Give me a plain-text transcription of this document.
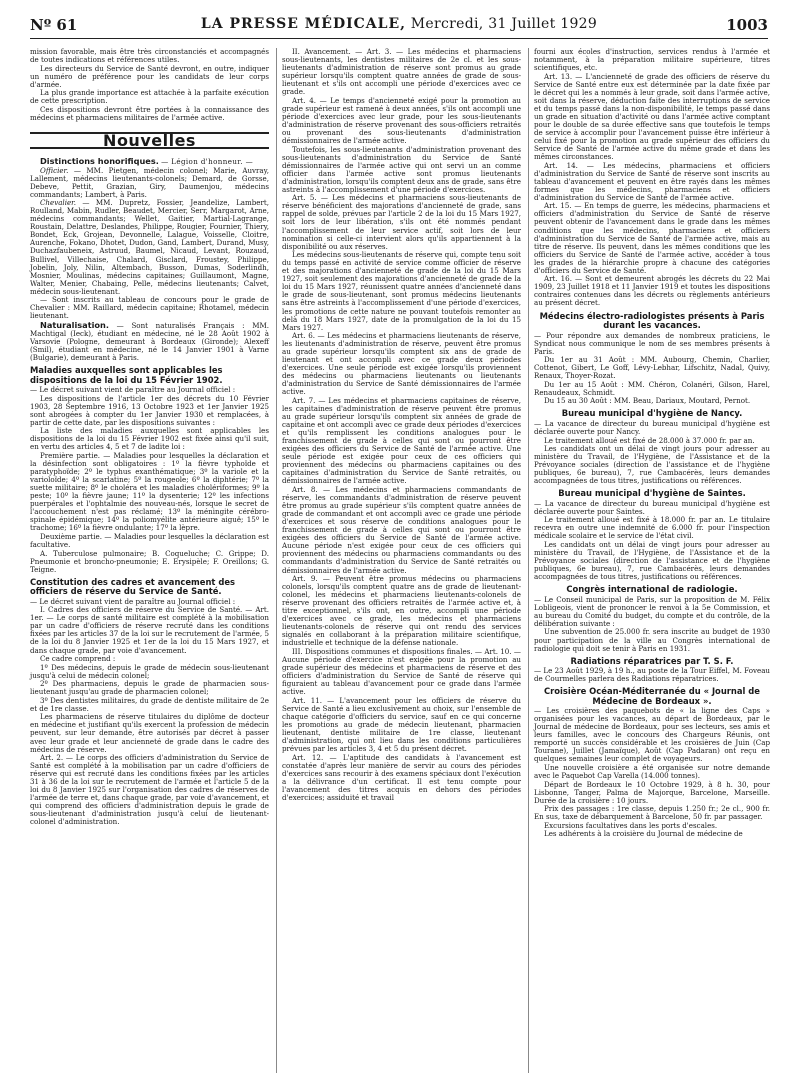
Nº 61	LA PRESSE MÉDICALE, Mercredi, 31 Juillet 1929	1003

mission favorable, mais être très circonstanciés et accompagnés de toutes indications et références utiles.

Les directeurs du Service de Santé devront, en outre, indiquer un numéro de préférence pour les candidats de leur corps d'armée.

La plus grande importance est attachée à la parfaite exécution de cette prescription.

Ces dispositions devront être portées à la connaissance des médecins et pharmaciens militaires de l'armée active.

Nouvelles

Distinctions honorifiques. — Légion d'honneur. —

Officier. — MM. Pietgen, médecin colonel; Marie, Auvray, Lallement, médecins lieutenants-colonels; Demard, de Gorsse, Debeve, Pettit, Grazian, Giry, Daumenjou, médecins commandants; Lambert, à Paris.

Chevalier. — MM. Dupretz, Fossier, Jeandelize, Lambert, Roulland, Mabin, Rudler, Beaudet, Mercier, Serr, Margarot, Arne, médecins commandants; Wellet, Gaitier, Martial-Lagrange, Roustain, Delattre, Deslandes, Philippe, Rougier, Fournier, Thiery, Bondet, Eck, Grojean, Devonnelle, Lalague, Voisselle, Cloitre, Aurenche, Fokano, Dhotet, Dudon, Gand, Lambert, Durand, Musy, Duchazfaubeneix, Astruud, Baumel, Nicaud, Levant, Rouzaud, Bullivel, Villechaise, Chalard, Gisclard, Froustey, Philippe, Jobelin, Joly, Nilin, Altembach, Busson, Dumas, Soderlindh, Mosnier, Moulinas, médecins capitaines; Guillaumont, Magne, Walter, Menier, Chabaing, Pelle, médecins lieutenants; Calvet, médecin sous-lieutenant.

— Sont inscrits au tableau de concours pour le grade de Chevalier : MM. Raillard, médecin capitaine; Rhotamel, médecin lieutenant.

Naturalisation. — Sont naturalisés Français : MM. Machtigal (Ieck), étudiant en médecine, né le 28 Août 1902 à Varsovie (Pologne, demeurant à Bordeaux (Gironde); Alexeff (Smil), étudiant en médecine, né le 14 Janvier 1901 à Varne (Bulgarie), demeurant à Paris.

Maladies auxquelles sont applicables les dispositions de la loi du 15 Février 1902.

— Le décret suivant vient de paraître au Journal officiel :

Les dispositions de l'article 1er des décrets du 10 Février 1903, 28 Septembre 1916, 13 Octobre 1923 et 1er Janvier 1925 sont abrogées à compter du 1er Janvier 1930 et remplacées, à partir de cette date, par les dispositions suivantes :

La liste des maladies auxquelles sont applicables les dispositions de la loi du 15 Février 1902 est fixée ainsi qu'il suit, en vertu des articles 4, 5 et 7 de ladite loi :

Première partie. — Maladies pour lesquelles la déclaration et la désinfection sont obligatoires : 1º la fièvre typhoïde et paratyphoïde; 2º le typhus exanthématique; 3º la variole et la varioloïde; 4º la scarlatine; 5º la rougeole; 6º la diphtérie; 7º la suette militaire; 8º le choléra et les maladies cholériformes; 9º la peste; 10º la fièvre jaune; 11º la dysenterie; 12º les infections puerpérales et l'ophtalmie des nouveau-nés, lorsque le secret de l'accouchement n'est pas réclamé; 13º la méningite cérébro-spinale épidémique; 14º la poliomyélite antérieure aiguë; 15º le trachome; 16º la fièvre ondulante; 17º la lèpre.

Deuxième partie. — Maladies pour lesquelles la déclaration est facultative.

A. Tuberculose pulmonaire; B. Coqueluche; C. Grippe; D. Pneumonie et broncho-pneumonie; E. Erysipèle; F. Oreillons; G. Teigne.

Constitution des cadres et avancement des officiers de réserve du Service de Santé.

— Le décret suivant vient de paraître au Journal officiel :

I. Cadres des officiers de réserve du Service de Santé. — Art. 1er. — Le corps de santé militaire est complété à la mobilisation par un cadre d'officiers de réserve recruté dans les conditions fixées par les articles 37 de la loi sur le recrutement de l'armée, 5 de la loi du 8 Janvier 1925 et 1er de la loi du 15 Mars 1927, et dans chaque grade, par voie d'avancement.

Ce cadre comprend :

1º Des médecins, depuis le grade de médecin sous-lieutenant jusqu'à celui de médecin colonel;

2º Des pharmaciens, depuis le grade de pharmacien sous-lieutenant jusqu'au grade de pharmacien colonel;

3º Des dentistes militaires, du grade de dentiste militaire de 2e et de 1re classe.

Les pharmaciens de réserve titulaires du diplôme de docteur en médecine et justifiant qu'ils exercent la profession de médecin peuvent, sur leur demande, être autorisés par décret à passer avec leur grade et leur ancienneté de grade dans le cadre des médecins de réserve.

Art. 2. — Le corps des officiers d'administration du Service de Santé est complété à la mobilisation par un cadre d'officiers de réserve qui est recruté dans les conditions fixées par les articles 31 à 36 de la loi sur le recrutement de l'armée et l'article 5 de la loi du 8 Janvier 1925 sur l'organisation des cadres de réserves de l'armée de terre et, dans chaque grade, par voie d'avancement, et qui comprend des officiers d'administration depuis le grade de sous-lieutenant d'administration jusqu'à celui de lieutenant-colonel d'administration.

II. Avancement. — Art. 3. — Les médecins et pharmaciens sous-lieutenants, les dentistes militaires de 2e cl. et les sous-lieutenants d'administration de réserve sont promus au grade supérieur lorsqu'ils comptent quatre années de grade de sous-lieutenant et s'ils ont accompli une période d'exercices avec ce grade.

Art. 4. — Le temps d'ancienneté exigé pour la promotion au grade supérieur est ramené à deux années, s'ils ont accompli une période d'exercices avec leur grade, pour les sous-lieutenants d'administration de réserve provenant des sous-officiers retraités ou provenant des sous-lieutenants d'administration démissionnaires de l'armée active.

Toutefois, les sous-lieutenants d'administration provenant des sous-lieutenants d'administration du Service de Santé démissionnaires de l'armée active qui ont servi un an comme officier dans l'armée active sont promus lieutenants d'administration, lorsqu'ils comptent deux ans de grade, sans être astreints à l'accomplissement d'une période d'exercices.

Art. 5. — Les médecins et pharmaciens sous-lieutenants de réserve bénéficient des majorations d'ancienneté de grade, sans rappel de solde, prévues par l'article 2 de la loi du 15 Mars 1927, soit lors de leur libération, s'ils ont été nommés pendant l'accomplissement de leur service actif, soit lors de leur nomination si celle-ci intervient alors qu'ils appartiennent à la disponibilité ou aux réserves.

Les médecins sous-lieutenants de réserve qui, compte tenu soit du temps passé en activité de service comme officier de réserve et des majorations d'ancienneté de grade de la loi du 15 Mars 1927, soit seulement des majorations d'ancienneté de grade de la loi du 15 Mars 1927, réunissent quatre années d'ancienneté dans le grade de sous-lieutenant, sont promus médecins lieutenants sans être astreints à l'accomplissement d'une période d'exercices, les promotions de cette nature ne pouvant toutefois remonter au delà du 18 Mars 1927, date de la promulgation de la loi du 15 Mars 1927.

Art. 6. — Les médecins et pharmaciens lieutenants de réserve, les lieutenants d'administration de réserve, peuvent être promus au grade supérieur lorsqu'ils comptent six ans de grade de lieutenant et ont accompli avec ce grade deux périodes d'exercices. Une seule période est exigée lorsqu'ils proviennent des médecins ou pharmaciens lieutenants ou lieutenants d'administration du Service de Santé démissionnaires de l'armée active.

Art. 7. — Les médecins et pharmaciens capitaines de réserve, les capitaines d'administration de réserve peuvent être promus au grade supérieur lorsqu'ils comptent six années de grade de capitaine et ont accompli avec ce grade deux périodes d'exercices et qu'ils remplissent les conditions analogues pour le franchissement de grade à celles qui sont ou pourront être exigées des officiers du Service de Santé de l'armée active. Une seule période est exigée pour ceux de ces officiers qui proviennent des médecins ou pharmaciens capitaines ou des capitaines d'administration du Service de Santé retraités, ou démissionnaires de l'armée active.

Art. 8. — Les médecins et pharmaciens commandants de réserve, les commandants d'administration de réserve peuvent être promus au grade supérieur s'ils comptent quatre années de grade de commandant et ont accompli avec ce grade une période d'exercices et sous réserve de conditions analogues pour le franchissement de grade à celles qui sont ou pourront être exigées des officiers du Service de Santé de l'armée active. Aucune période n'est exigée pour ceux de ces officiers qui proviennent des médecins ou pharmaciens commandants ou des commandants d'administration du Service de Santé retraités ou démissionnaires de l'armée active.

Art. 9. — Peuvent être promus médecins ou pharmaciens colonels, lorsqu'ils comptent quatre ans de grade de lieutenant-colonel, les médecins et pharmaciens lieutenants-colonels de réserve provenant des officiers retraités de l'armée active et, à titre exceptionnel, s'ils ont, en outre, accompli une période d'exercices avec ce grade, les médecins et pharmaciens lieutenants-colonels de réserve qui ont rendu des services signalés en collaborant à la préparation militaire scientifique, industrielle et technique de la défense nationale.

III. Dispositions communes et dispositions finales. — Art. 10. — Aucune période d'exercice n'est exigée pour la promotion au grade supérieur des médecins et pharmaciens de réserve et des officiers d'administration du Service de Santé de réserve qui figuraient au tableau d'avancement pour ce grade dans l'armée active.

Art. 11. — L'avancement pour les officiers de réserve du Service de Santé a lieu exclusivement au choix, sur l'ensemble de chaque catégorie d'officiers du service, sauf en ce qui concerne les promotions au grade de médecin lieutenant, pharmacien lieutenant, dentiste militaire de 1re classe, lieutenant d'administration, qui ont lieu dans les conditions particulières prévues par les articles 3, 4 et 5 du présent décret.

Art. 12. — L'aptitude des candidats à l'avancement est constatée d'après leur manière de servir au cours des périodes d'exercices sans recourir à des examens spéciaux dont l'exécution a la délivrance d'un certificat. Il est tenu compte pour l'avancement des titres acquis en dehors des périodes d'exercices; assiduité et travail

fourni aux écoles d'instruction, services rendus à l'armée et notamment, à la préparation militaire supérieure, titres scientifiques, etc.

Art. 13. — L'ancienneté de grade des officiers de réserve du Service de Santé entre eux est déterminée par la date fixée par le décret qui les a nommés à leur grade, soit dans l'armée active, soit dans la réserve, déduction faite des interruptions de service et du temps passé dans la non-disponibilité, le temps passé dans un grade en situation d'activité ou dans l'armée active comptant pour le double de sa durée effective sans que toutefois le temps de service à accomplir pour l'avancement puisse être inférieur à celui fixé pour la promotion au grade supérieur des officiers du Service de Santé de l'armée active du même grade et dans les mêmes circonstances.

Art. 14. — Les médecins, pharmaciens et officiers d'administration du Service de Santé de réserve sont inscrits au tableau d'avancement et peuvent en être rayés dans les mêmes formes que les médecins, pharmaciens et officiers d'administration du Service de Santé de l'armée active.

Art. 15. — En temps de guerre, les médecins, pharmaciens et officiers d'administration du Service de Santé de réserve peuvent obtenir de l'avancement dans le grade dans les mêmes conditions que les médecins, pharmaciens et officiers d'administration du Service de Santé de l'armée active, mais au titre de réserve. Ils peuvent, dans les mêmes conditions que les officiers du Service de Santé de l'armée active, accéder à tous les grades de la hiérarchie propre à chacune des catégories d'officiers du Service de Santé.

Art. 16. — Sont et demeurent abrogés les décrets du 22 Mai 1909, 23 Juillet 1918 et 11 Janvier 1919 et toutes les dispositions contraires contenues dans les décrets ou règlements antérieurs au présent décret.

Médecins électro-radiologistes présents à Paris durant les vacances.

— Pour répondre aux demandes de nombreux praticiens, le Syndicat nous communique le nom de ses membres présents à Paris.

Du 1er au 31 Août : MM. Aubourg, Chemin, Charlier, Cottenot, Gibert, Le Goff, Lévy-Lebhar, Lifschitz, Nadal, Quivy, Renaux, Thoyer-Rozat.

Du 1er au 15 Août : MM. Chéron, Colanéri, Gilson, Harel, Renaudeaux, Schmidt.

Du 15 au 30 Août : MM. Beau, Dariaux, Moutard, Pernot.

Bureau municipal d'hygiène de Nancy.

— La vacance de directeur du bureau municipal d'hygiène est déclarée ouverte pour Nancy.

Le traitement alloué est fixé de 28.000 à 37.000 fr. par an.

Les candidats ont un délai de vingt jours pour adresser au ministère du Travail, de l'Hygiène, de l'Assistance et de la Prévoyance sociales (direction de l'assistance et de l'hygiène publiques, 6e bureau), 7, rue Cambacérès, leurs demandes accompagnées de tous titres, justifications ou références.

Bureau municipal d'hygiène de Saintes.

— La vacance de directeur du bureau municipal d'hygiène est déclarée ouverte pour Saintes.

Le traitement alloué est fixé à 18.000 fr. par an. Le titulaire recevra en outre une indemnité de 6.000 fr. pour l'inspection médicale scolaire et le service de l'état civil.

Les candidats ont un délai de vingt jours pour adresser au ministère du Travail, de l'Hygiène, de l'Assistance et de la Prévoyance sociales (direction de l'assistance et de l'hygiène publiques, 6e bureau), 7, rue Cambacérès, leurs demandes accompagnées de tous titres, justifications ou références.

Congrès international de radiologie.

— Le Conseil municipal de Paris, sur la proposition de M. Félix Lobligeois, vient de prononcer le renvoi à la 5e Commission, et au bureau du Comité du budget, du compte et du contrôle, de la délibération suivante :

Une subvention de 25.000 fr. sera inscrite au budget de 1930 pour participation de la ville au Congrès international de radiologie qui doit se tenir à Paris en 1931.

Radiations réparatrices par T. S. F.

— Le 23 Août 1929, à 19 h., au poste de la Tour Eiffel, M. Foveau de Courmelles parlera des Radiations réparatrices.

Croisière Océan-Méditerranée du « Journal de Médecine de Bordeaux ».

— Les croisières des paquebots de « la ligne des Caps » organisées pour les vacances, au départ de Bordeaux, par le Journal de médecine de Bordeaux, pour ses lecteurs, ses amis et leurs familles, avec le concours des Chargeurs Réunis, ont remporté un succès considérable et les croisières de Juin (Cap Tourane), Juillet (Jamaïque), Août (Cap Padaran) ont reçu en quelques semaines leur complet de voyageurs.

Une nouvelle croisière a été organisée sur notre demande avec le Paquebot Cap Varella (14.000 tonnes).

Départ de Bordeaux le 10 Octobre 1929, à 8 h. 30, pour Lisbonne, Tanger, Palma de Majorque, Barcelone, Marseille. Durée de la croisière : 10 jours.

Prix des passages : 1re classe, depuis 1.250 fr.; 2e cl., 900 fr. En sus, taxe de débarquement à Barcelone, 50 fr. par passager.

Excursions facultatives dans les ports d'escales.

Les adhérents à la croisière du Journal de médecine de
